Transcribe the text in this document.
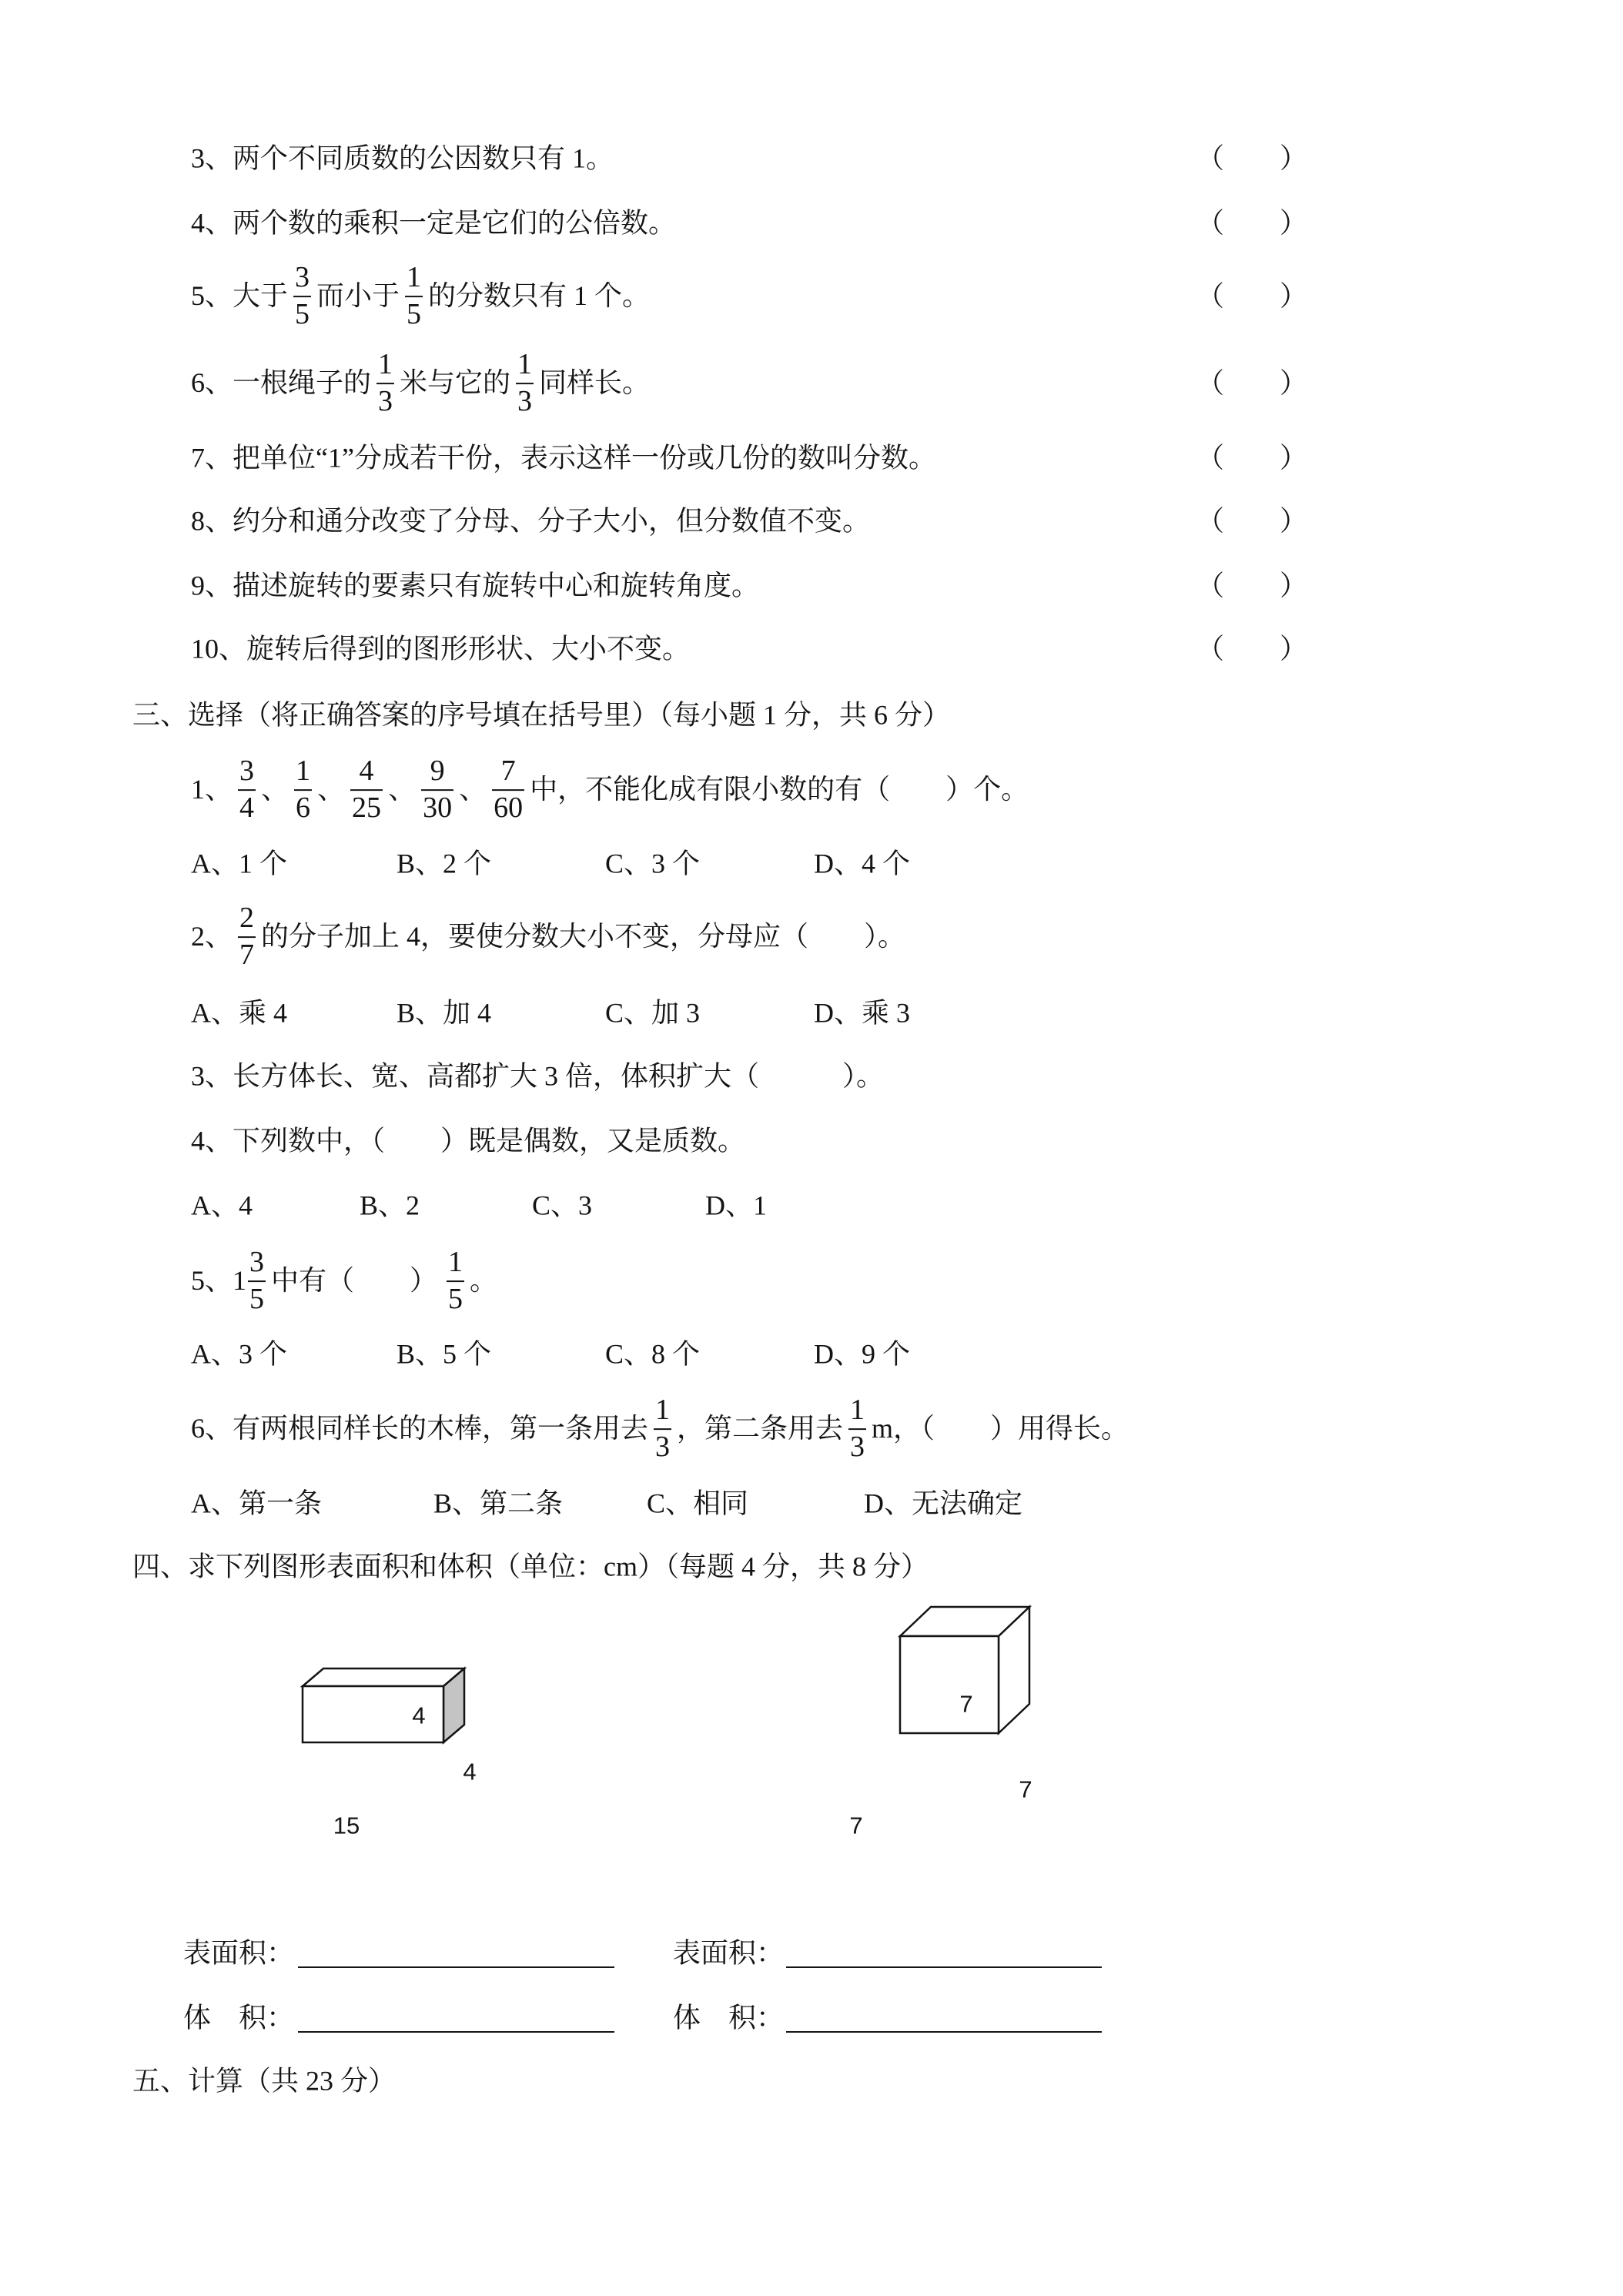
3、两个不同质数的公因数只有 1。	（　　）
4、两个数的乘积一定是它们的公倍数。	（　　）
5、大于 $\frac{3}{5}$ 而小于 $\frac{1}{5}$ 的分数只有 1 个。	（　　）
6、一根绳子的 $\frac{1}{3}$ 米与它的 $\frac{1}{3}$ 同样长。	（　　）
7、把单位“1”分成若干份，表示这样一份或几份的数叫分数。	（　　）
8、约分和通分改变了分母、分子大小，但分数值不变。	（　　）
9、描述旋转的要素只有旋转中心和旋转角度。	（　　）
10、旋转后得到的图形形状、大小不变。	（　　）
三、选择（将正确答案的序号填在括号里）（每小题 1 分，共 6 分）
1、 $\frac{3}{4}$ 、 $\frac{1}{6}$ 、 $\frac{4}{25}$ 、 $\frac{9}{30}$ 、 $\frac{7}{60}$ 中，不能化成有限小数的有（　　）个。
A、1 个	B、2 个	C、3 个	D、4 个
2、 $\frac{2}{7}$ 的分子加上 4，要使分数大小不变，分母应（　　）。
A、乘 4	B、加 4	C、加 3	D、乘 3
3、长方体长、宽、高都扩大 3 倍，体积扩大（　　　）。
4、下列数中，（　　）既是偶数，又是质数。
A、4	B、2	C、3	D、1
5、$1 \frac{3}{5}$ 中有（　　） $\frac{1}{5}$ 。
A、3 个	B、5 个	C、8 个	D、9 个
6、有两根同样长的木棒，第一条用去 $\frac{1}{3}$ ，第二条用去 $\frac{1}{3}$ m，（　　）用得长。
A、第一条	B、第二条	C、相同	D、无法确定
四、求下列图形表面积和体积（单位：cm）（每题 4 分，共 8 分）
4
4
15
7
7
7
表面积：	表面积：
体　积：	体　积：
五、计算（共 23 分）
